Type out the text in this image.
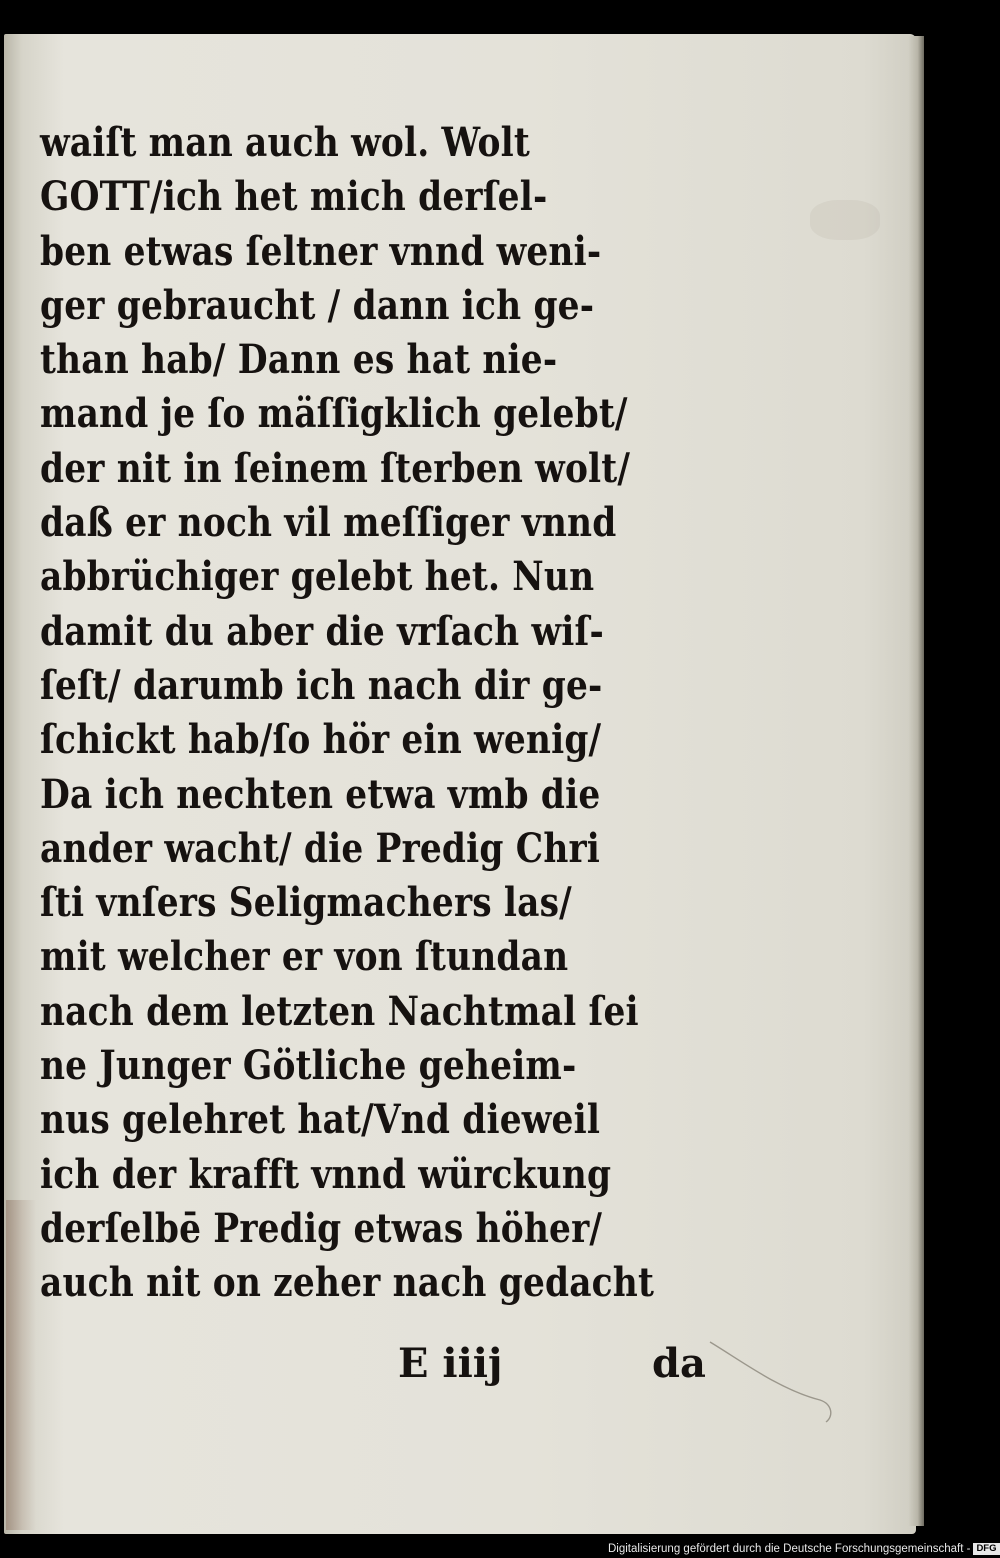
waiſt man auch wol. Wolt
GOTT/ich het mich derſel-
ben etwas ſeltner vnnd weni-
ger gebraucht / dann ich ge-
than hab/ Dann es hat nie-
mand je ſo mäſſigklich gelebt/
der nit in ſeinem ſterben wolt/
daß er noch vil meſſiger vnnd
abbrüchiger gelebt het. Nun
damit du aber die vrſach wiſ-
ſeſt/ darumb ich nach dir ge-
ſchickt hab/ſo hör ein wenig/
Da ich nechten etwa vmb die
ander wacht/ die Predig Chri
ſti vnſers Seligmachers las/
mit welcher er von ſtundan
nach dem letzten Nachtmal ſei
ne Junger Götliche geheim-
nus gelehret hat/Vnd dieweil
ich der krafft vnnd würckung
derſelbē Predig etwas höher/
auch nit on zeher nach gedacht
E iiij	da
Digitalisierung gefördert durch die Deutsche Forschungsgemeinschaft - DFG
